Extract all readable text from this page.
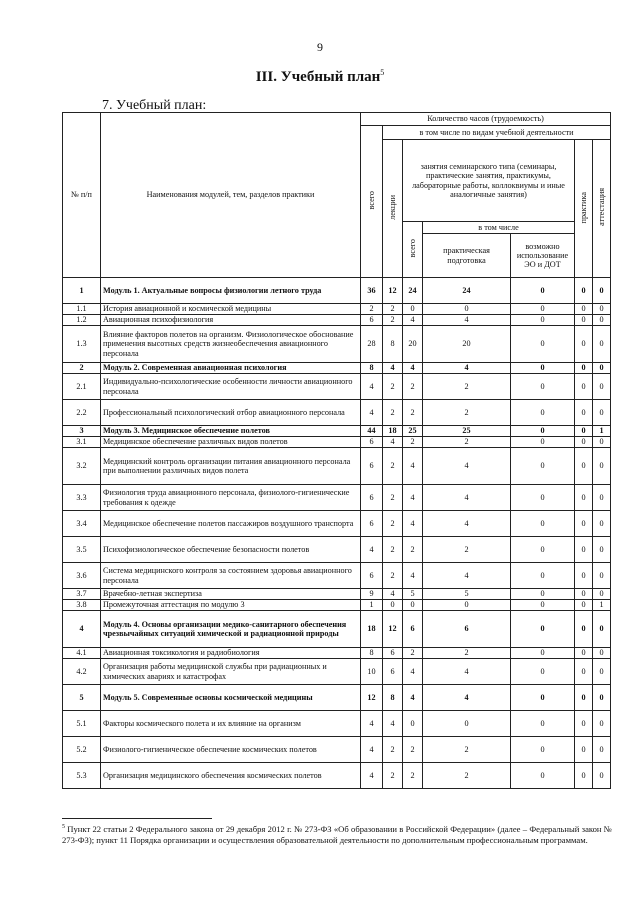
9
III. Учебный план$^5$
7. Учебный план:
№ п/п	Наименования модулей, тем, разделов практики	Количество часов (трудоемкость)						
		всего	в том числе по видам учебной деятельности					
			лекции	занятия семинарского типа (семинары, практические занятия, практикумы, лабораторные работы, коллоквиумы и иные аналогичные занятия)			практика	аттестация
				всего	в том числе			
					практическая подготовка	возможно использование ЭО и ДОТ		
1	Модуль 1. Актуальные вопросы физиологии летного труда	36	12	24	24	0	0	0
1.1	История авиационной и космической медицины	2	2	0	0	0	0	0
1.2	Авиационная психофизиология	6	2	4	4	0	0	0
1.3	Влияние факторов полетов на организм. Физиологическое обоснование применения высотных средств жизнеобеспечения авиационного персонала	28	8	20	20	0	0	0
2	Модуль 2. Современная авиационная психология	8	4	4	4	0	0	0
2.1	Индивидуально-психологические особенности личности авиационного персонала	4	2	2	2	0	0	0
2.2	Профессиональный психологический отбор авиационного персонала	4	2	2	2	0	0	0
3	Модуль 3. Медицинское обеспечение полетов	44	18	25	25	0	0	1
3.1	Медицинское обеспечение различных видов полетов	6	4	2	2	0	0	0
3.2	Медицинский контроль организации питания авиационного персонала при выполнении различных видов полета	6	2	4	4	0	0	0
3.3	Физиология труда авиационного персонала, физиолого-гигиенические требования к одежде	6	2	4	4	0	0	0
3.4	Медицинское обеспечение полетов пассажиров воздушного транспорта	6	2	4	4	0	0	0
3.5	Психофизиологическое обеспечение безопасности полетов	4	2	2	2	0	0	0
3.6	Система медицинского контроля за состоянием здоровья авиационного персонала	6	2	4	4	0	0	0
3.7	Врачебно-летная экспертиза	9	4	5	5	0	0	0
3.8	Промежуточная аттестация по модулю 3	1	0	0	0	0	0	1
4	Модуль 4. Основы организации медико-санитарного обеспечения чрезвычайных ситуаций химической и радиационной природы	18	12	6	6	0	0	0
4.1	Авиационная токсикология и радиобиология	8	6	2	2	0	0	0
4.2	Организация работы медицинской службы при радиационных и химических авариях и катастрофах	10	6	4	4	0	0	0
5	Модуль 5. Современные основы космической медицины	12	8	4	4	0	0	0
5.1	Факторы космического полета и их влияние на организм	4	4	0	0	0	0	0
5.2	Физиолого-гигиеническое обеспечение космических полетов	4	2	2	2	0	0	0
5.3	Организация медицинского обеспечения космических полетов	4	2	2	2	0	0	0
$^5$ Пункт 22 статьи 2 Федерального закона от 29 декабря 2012 г. № 273-ФЗ «Об образовании в Российской Федерации» (далее – Федеральный закон № 273-ФЗ); пункт 11 Порядка организации и осуществления образовательной деятельности по дополнительным профессиональным программам.
